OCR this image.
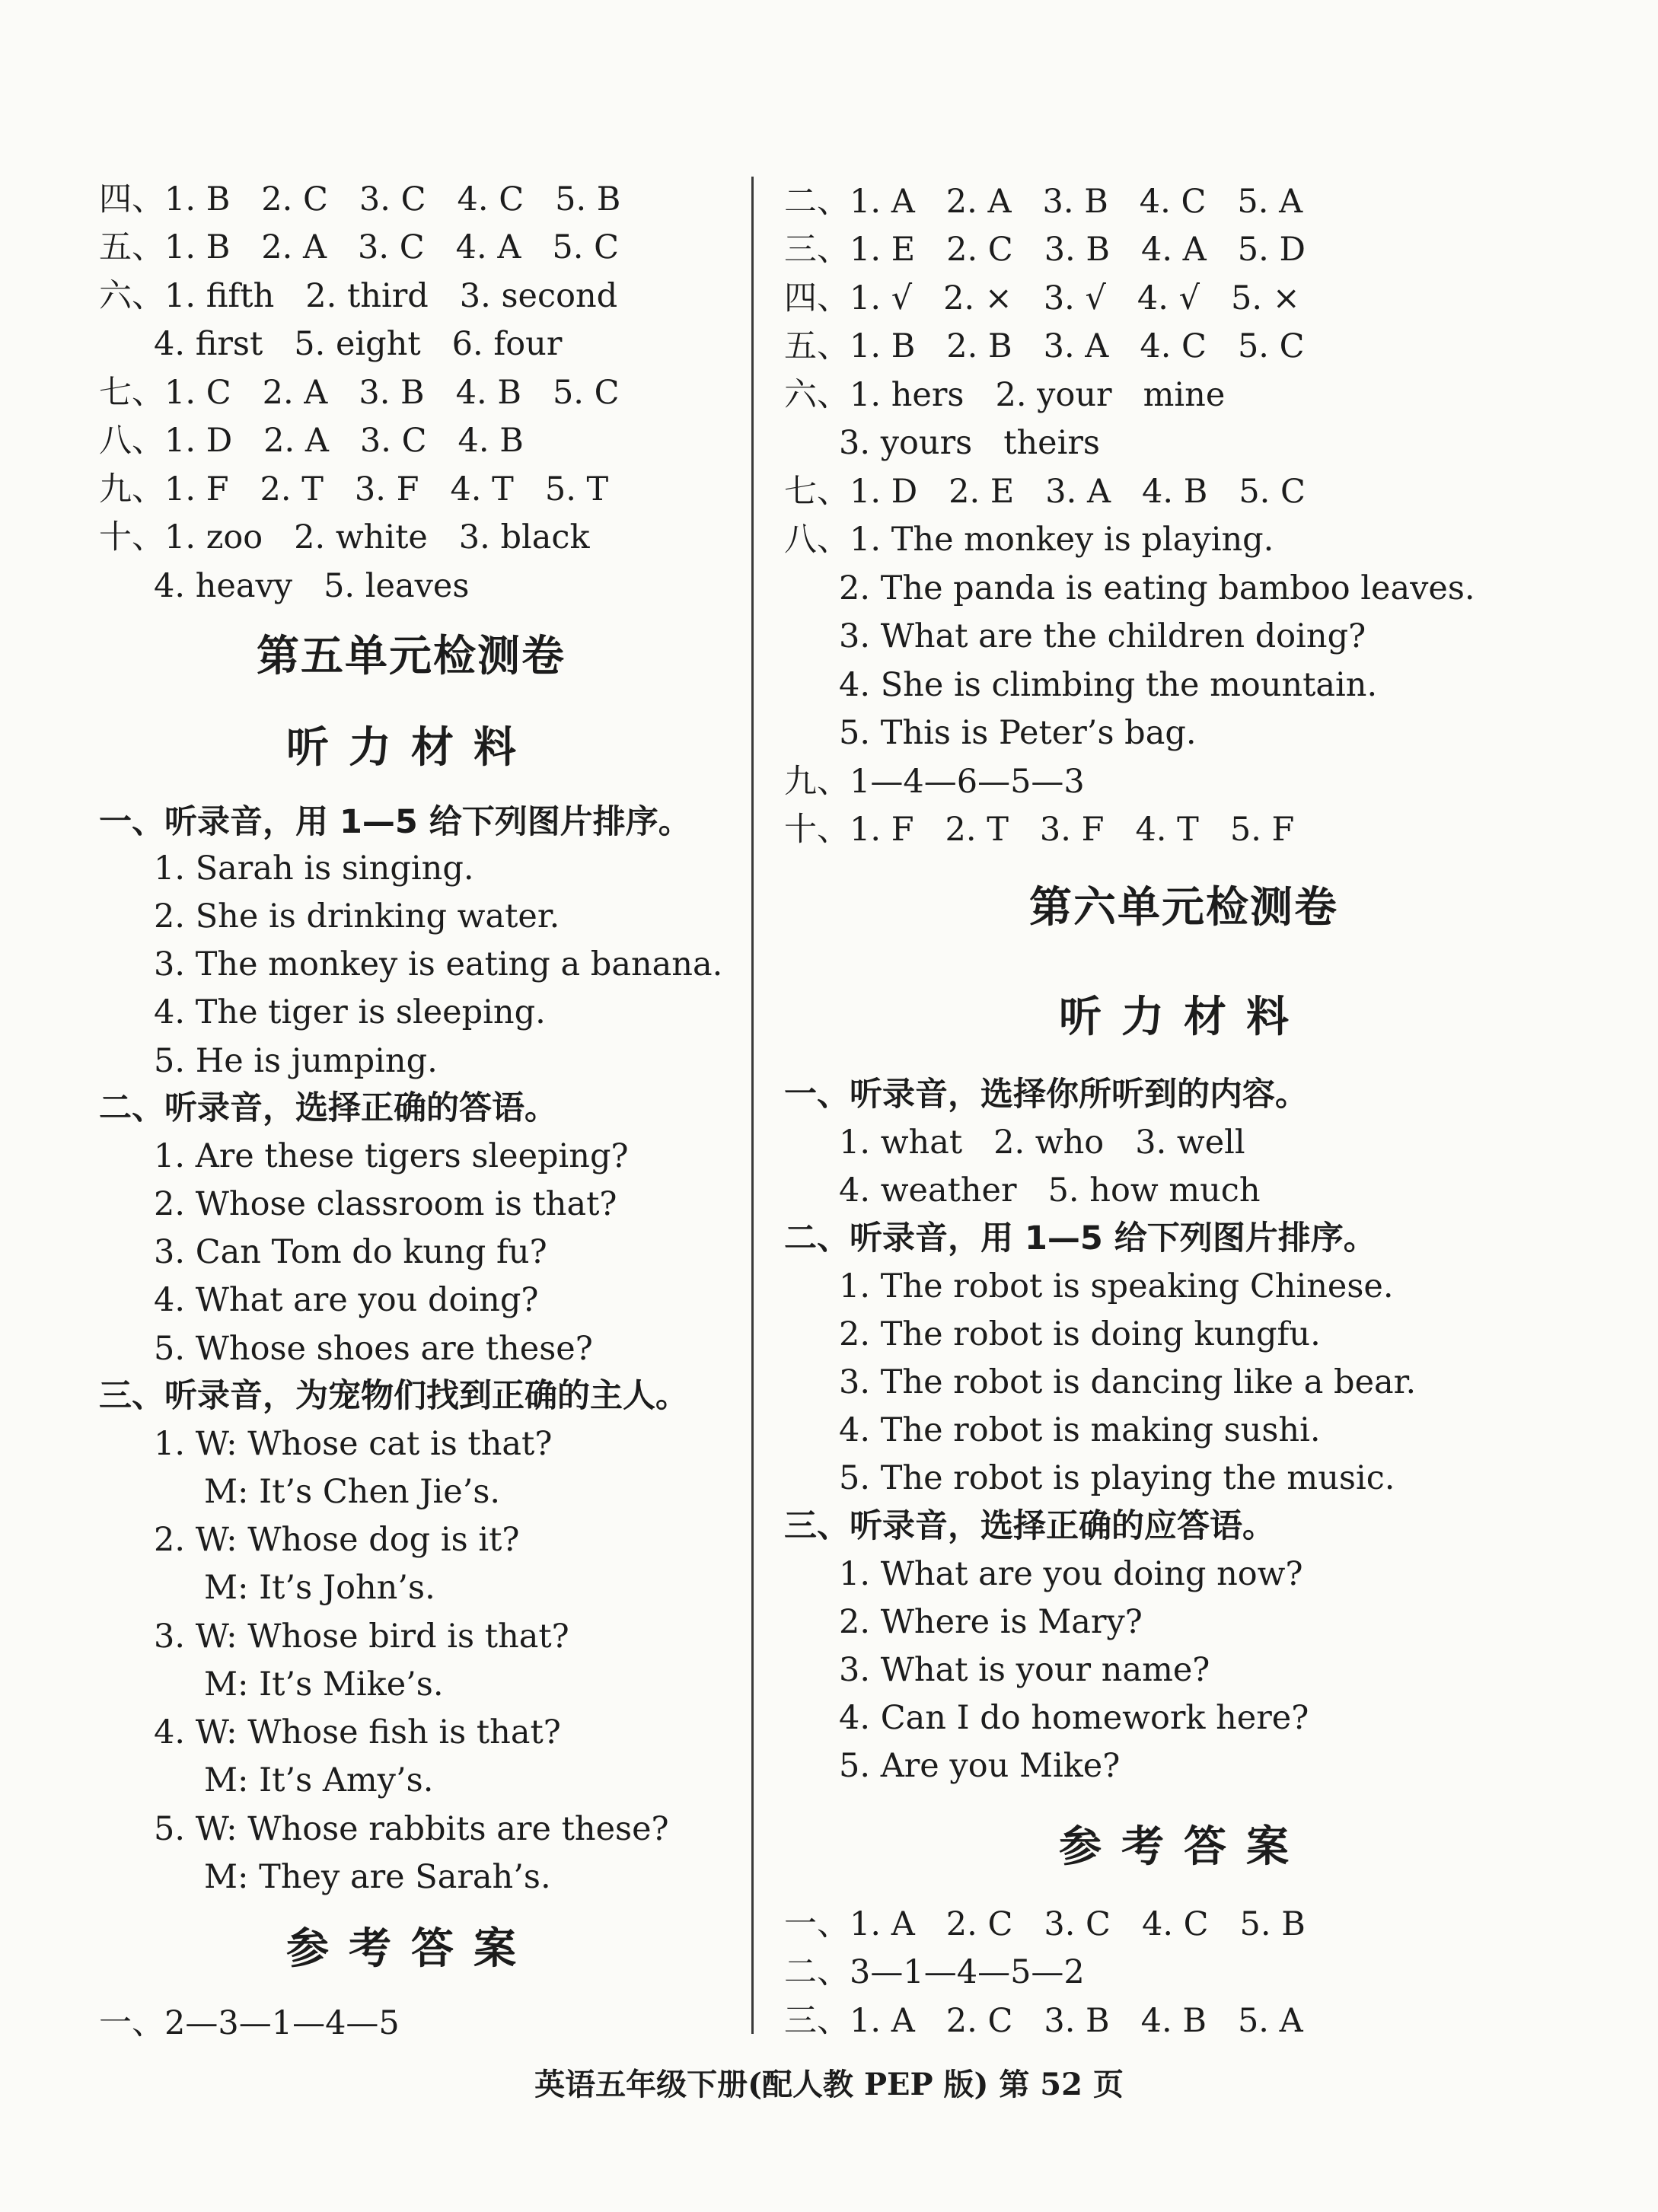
四、1. B   2. C   3. C   4. C   5. B
五、1. B   2. A   3. C   4. A   5. C
六、1. fifth   2. third   3. second
4. first   5. eight   6. four
七、1. C   2. A   3. B   4. B   5. C
八、1. D   2. A   3. C   4. B
九、1. F   2. T   3. F   4. T   5. T
十、1. zoo   2. white   3. black
4. heavy   5. leaves
第五单元检测卷
听力材料
一、听录音，用 1—5 给下列图片排序。
1. Sarah is singing.
2. She is drinking water.
3. The monkey is eating a banana.
4. The tiger is sleeping.
5. He is jumping.
二、听录音，选择正确的答语。
1. Are these tigers sleeping?
2. Whose classroom is that?
3. Can Tom do kung fu?
4. What are you doing?
5. Whose shoes are these?
三、听录音，为宠物们找到正确的主人。
1. W: Whose cat is that?
M: It’s Chen Jie’s.
2. W: Whose dog is it?
M: It’s John’s.
3. W: Whose bird is that?
M: It’s Mike’s.
4. W: Whose fish is that?
M: It’s Amy’s.
5. W: Whose rabbits are these?
M: They are Sarah’s.
参考答案
一、2—3—1—4—5
二、1. A   2. A   3. B   4. C   5. A
三、1. E   2. C   3. B   4. A   5. D
四、1. √   2. ×   3. √   4. √   5. ×
五、1. B   2. B   3. A   4. C   5. C
六、1. hers   2. your   mine
3. yours   theirs
七、1. D   2. E   3. A   4. B   5. C
八、1. The monkey is playing.
2. The panda is eating bamboo leaves.
3. What are the children doing?
4. She is climbing the mountain.
5. This is Peter’s bag.
九、1—4—6—5—3
十、1. F   2. T   3. F   4. T   5. F
第六单元检测卷
听力材料
一、听录音，选择你所听到的内容。
1. what   2. who   3. well
4. weather   5. how much
二、听录音，用 1—5 给下列图片排序。
1. The robot is speaking Chinese.
2. The robot is doing kungfu.
3. The robot is dancing like a bear.
4. The robot is making sushi.
5. The robot is playing the music.
三、听录音，选择正确的应答语。
1. What are you doing now?
2. Where is Mary?
3. What is your name?
4. Can I do homework here?
5. Are you Mike?
参考答案
一、1. A   2. C   3. C   4. C   5. B
二、3—1—4—5—2
三、1. A   2. C   3. B   4. B   5. A
英语五年级下册(配人教 PEP 版) 第 52 页
